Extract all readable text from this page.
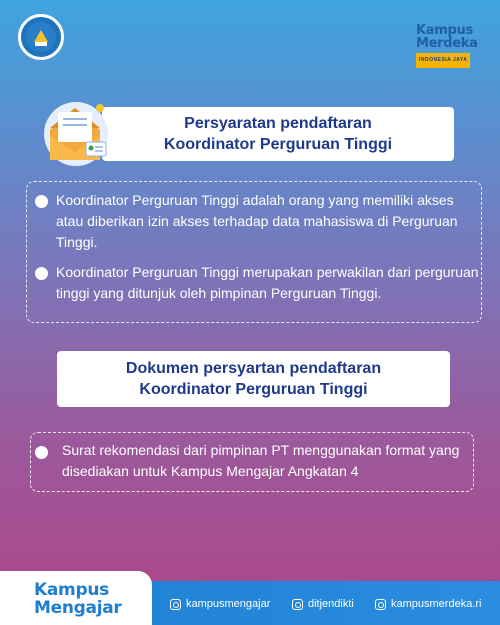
Kampus
Merdeka
INDONESIA JAYA
Persyaratan pendaftaran
Koordinator Perguruan Tinggi
Koordinator Perguruan Tinggi adalah orang yang memiliki akses atau diberikan izin akses terhadap data mahasiswa di Perguruan Tinggi.
Koordinator Perguruan Tinggi merupakan perwakilan dari perguruan tinggi yang ditunjuk oleh pimpinan Perguruan Tinggi.
Dokumen persyartan pendaftaran
Koordinator Perguruan Tinggi
Surat rekomendasi dari pimpinan PT menggunakan format yang disediakan untuk Kampus Mengajar Angkatan 4
Kampus
Mengajar	kampusmengajar	ditjendikti	kampusmerdeka.ri
